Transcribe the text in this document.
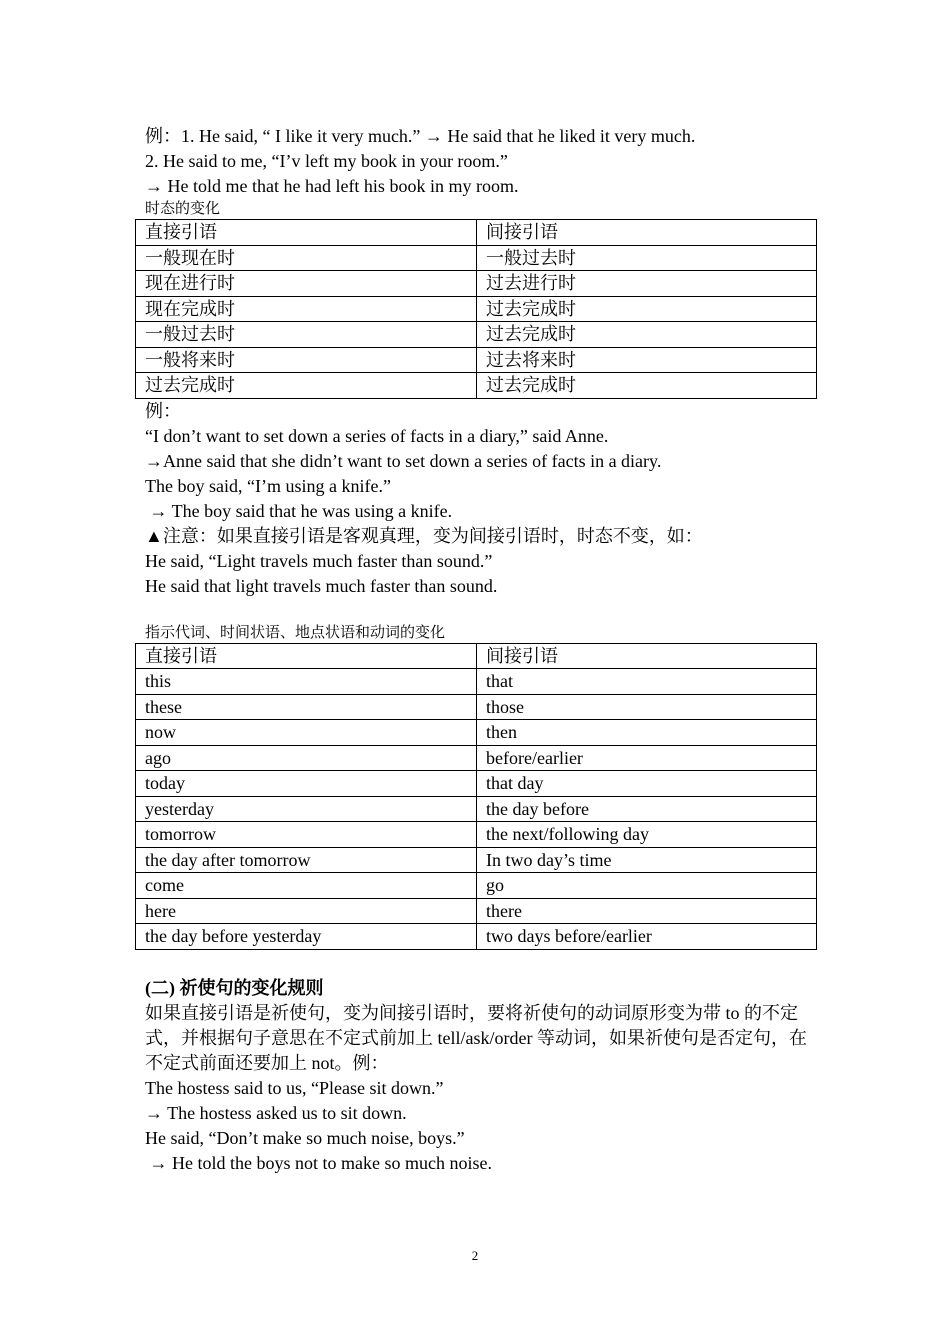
例：1. He said, “ I like it very much.” → He said that he liked it very much.
2. He said to me, “I’v left my book in your room.”
→ He told me that he had left his book in my room.
时态的变化
直接引语	间接引语
一般现在时	一般过去时
现在进行时	过去进行时
现在完成时	过去完成时
一般过去时	过去完成时
一般将来时	过去将来时
过去完成时	过去完成时
例：
“I don’t want to set down a series of facts in a diary,” said Anne.
→Anne said that she didn’t want to set down a series of facts in a diary.
The boy said, “I’m using a knife.”
→ The boy said that he was using a knife.
▲注意：如果直接引语是客观真理，变为间接引语时，时态不变，如：
He said, “Light travels much faster than sound.”
He said that light travels much faster than sound.
指示代词、时间状语、地点状语和动词的变化
直接引语	间接引语
this	that
these	those
now	then
ago	before/earlier
today	that day
yesterday	the day before
tomorrow	the next/following day
the day after tomorrow	In two day’s time
come	go
here	there
the day before yesterday	two days before/earlier
(二) 祈使句的变化规则
如果直接引语是祈使句，变为间接引语时，要将祈使句的动词原形变为带 to 的不定式，并根据句子意思在不定式前加上 tell/ask/order 等动词，如果祈使句是否定句，在不定式前面还要加上 not。例：
The hostess said to us, “Please sit down.”
→ The hostess asked us to sit down.
He said, “Don’t make so much noise, boys.”
→ He told the boys not to make so much noise.
2
